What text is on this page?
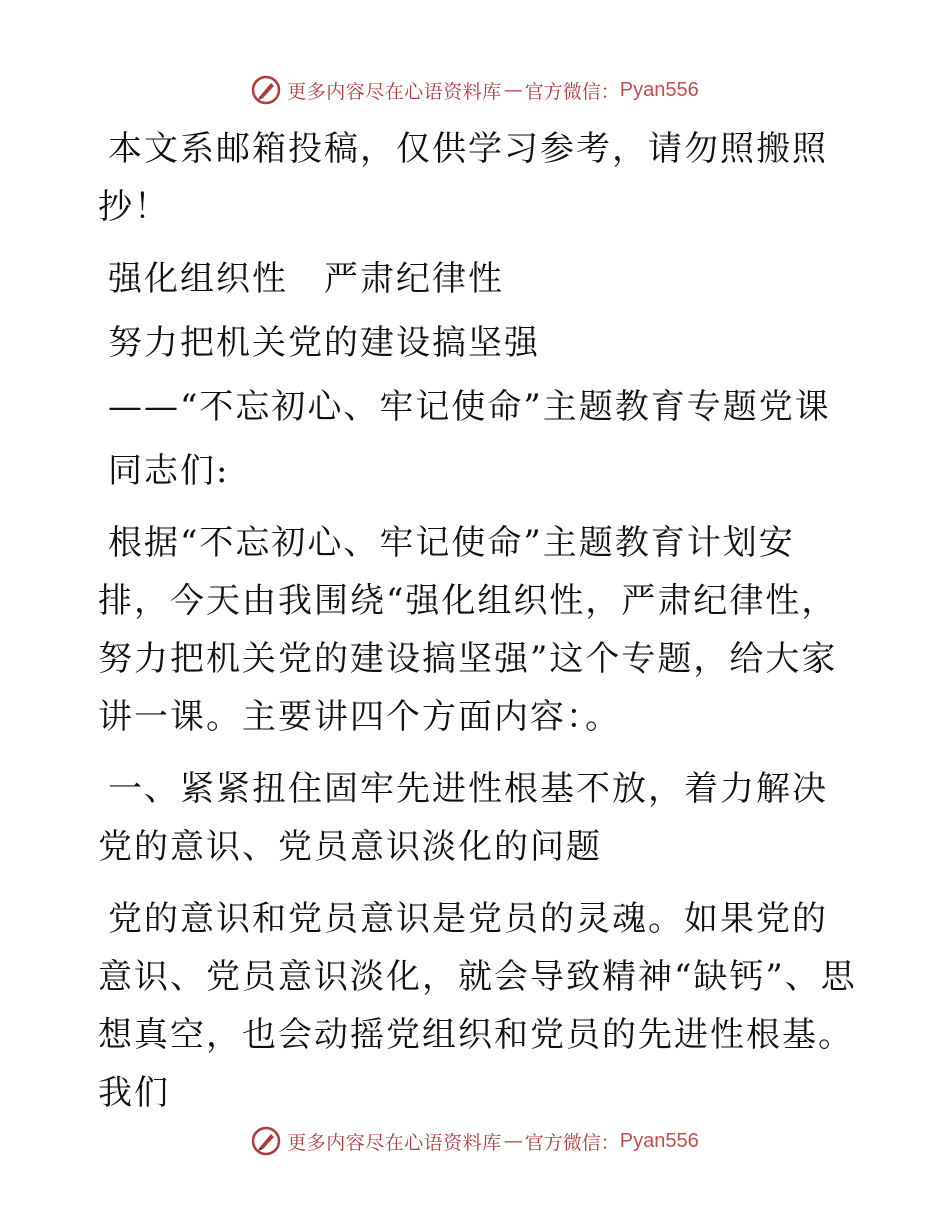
更多内容尽在心语资料库 — 官方微信： Pyan556

本文系邮箱投稿，仅供学习参考，请勿照搬照抄！

强化组织性　严肃纪律性

努力把机关党的建设搞坚强

——“不忘初心、牢记使命”主题教育专题党课

同志们:

根据“不忘初心、牢记使命”主题教育计划安排，今天由我围绕“强化组织性，严肃纪律性，努力把机关党的建设搞坚强”这个专题，给大家讲一课。主要讲四个方面内容：。

一、紧紧扭住固牢先进性根基不放，着力解决党的意识、党员意识淡化的问题

党的意识和党员意识是党员的灵魂。如果党的意识、党员意识淡化，就会导致精神“缺钙”、思想真空，也会动摇党组织和党员的先进性根基。我们

更多内容尽在心语资料库 — 官方微信： Pyan556
